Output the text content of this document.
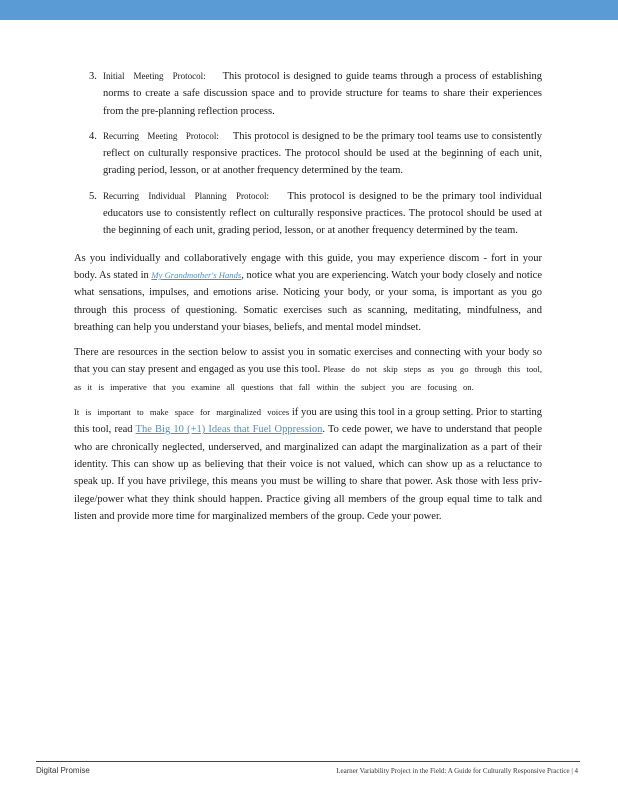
3. Initial Meeting Protocol: This protocol is designed to guide teams through a process of establishing norms to create a safe discussion space and to provide structure for teams to share their experiences from the pre-planning reflection process.
4. Recurring Meeting Protocol: This protocol is designed to be the primary tool teams use to consistently reflect on culturally responsive practices. The protocol should be used at the beginning of each unit, grading period, lesson, or at another frequency determined by the team.
5. Recurring Individual Planning Protocol: This protocol is designed to be the primary tool individual educators use to consistently reflect on culturally responsive practices. The protocol should be used at the beginning of each unit, grading period, lesson, or at another frequency determined by the team.

As you individually and collaboratively engage with this guide, you may experience discom - fort in your body. As stated in My Grandmother's Hands, notice what you are experiencing. Watch your body closely and notice what sensations, impulses, and emotions arise. Noticing your body, or your soma, is important as you go through this process of questioning. Somatic exercises such as scanning, meditating, mindfulness, and breathing can help you understand your biases, beliefs, and mental model mindset.

There are resources in the section below to assist you in somatic exercises and connecting with your body so that you can stay present and engaged as you use this tool. Please do not skip steps as you go through this tool, as it is imperative that you examine all questions that fall within the subject you are focusing on.

It is important to make space for marginalized voices if you are using this tool in a group setting. Prior to starting this tool, read The Big 10 (+1) Ideas that Fuel Oppression. To cede power, we have to understand that people who are chronically neglected, underserved, and marginalized can adapt the marginalization as a part of their identity. This can show up as believing that their voice is not valued, which can show up as a reluctance to speak up. If you have privilege, this means you must be willing to share that power. Ask those with less priv- ilege/power what they think should happen. Practice giving all members of the group equal time to talk and listen and provide more time for marginalized members of the group. Cede your power.

Digital Promise	Learner Variability Project in the Field: A Guide for Culturally Responsive Practice | 4
